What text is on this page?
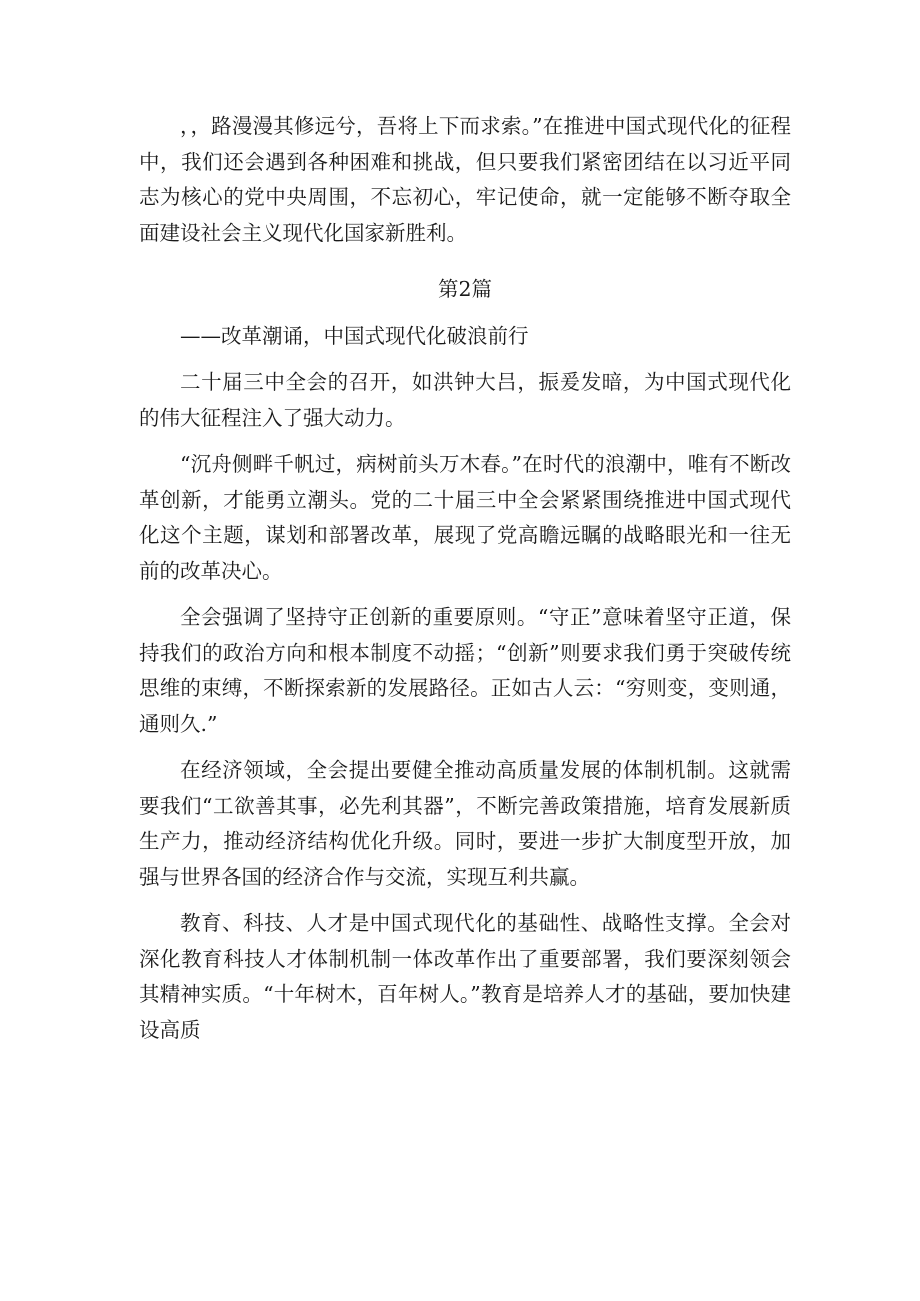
，，路漫漫其修远兮，吾将上下而求索。”在推进中国式现代化的征程中，我们还会遇到各种困难和挑战，但只要我们紧密团结在以习近平同志为核心的党中央周围，不忘初心，牢记使命，就一定能够不断夺取全面建设社会主义现代化国家新胜利。

第2篇

——改革潮诵，中国式现代化破浪前行

二十届三中全会的召开，如洪钟大吕，振爰发暗，为中国式现代化的伟大征程注入了强大动力。

“沉舟侧畔千帆过，病树前头万木春。”在时代的浪潮中，唯有不断改革创新，才能勇立潮头。党的二十届三中全会紧紧围绕推进中国式现代化这个主题，谋划和部署改革，展现了党高瞻远瞩的战略眼光和一往无前的改革决心。

全会强调了坚持守正创新的重要原则。“守正”意味着坚守正道，保持我们的政治方向和根本制度不动摇；“创新”则要求我们勇于突破传统思维的束缚，不断探索新的发展路径。正如古人云：“穷则变，变则通，通则久.”

在经济领域，全会提出要健全推动高质量发展的体制机制。这就需要我们“工欲善其事，必先利其器”，不断完善政策措施，培育发展新质生产力，推动经济结构优化升级。同时，要进一步扩大制度型开放，加强与世界各国的经济合作与交流，实现互利共赢。

教育、科技、人才是中国式现代化的基础性、战略性支撑。全会对深化教育科技人才体制机制一体改革作出了重要部署，我们要深刻领会其精神实质。“十年树木，百年树人。”教育是培养人才的基础，要加快建设高质
